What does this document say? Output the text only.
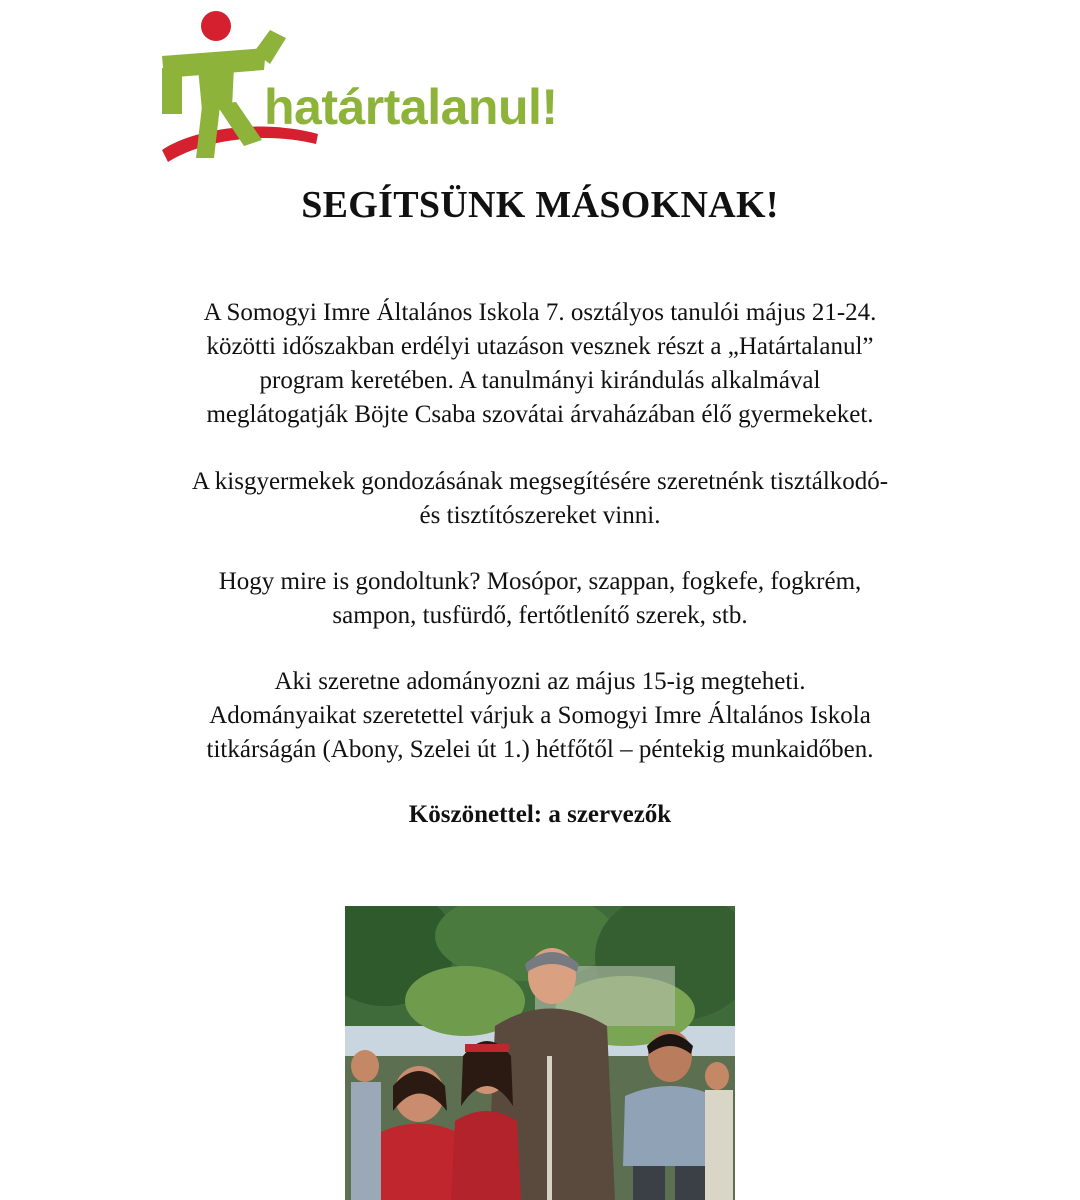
határtalanul!
SEGÍTSÜNK MÁSOKNAK!
A Somogyi Imre Általános Iskola 7. osztályos tanulói május 21-24.
közötti időszakban erdélyi utazáson vesznek részt a „Határtalanul”
program keretében. A tanulmányi kirándulás alkalmával
meglátogatják Böjte Csaba szovátai árvaházában élő gyermekeket.
A kisgyermekek gondozásának megsegítésére szeretnénk tisztálkodó-
és tisztítószereket vinni.
Hogy mire is gondoltunk? Mosópor, szappan, fogkefe, fogkrém,
sampon, tusfürdő, fertőtlenítő szerek, stb.
Aki szeretne adományozni az május 15-ig megteheti.
Adományaikat szeretettel várjuk a Somogyi Imre Általános Iskola
titkárságán (Abony, Szelei út 1.) hétfőtől – péntekig munkaidőben.
Köszönettel: a szervezők
